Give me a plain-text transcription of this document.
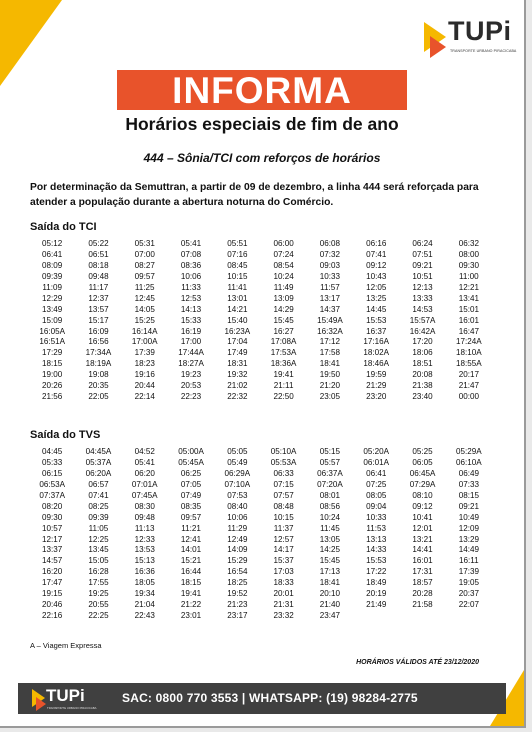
TUPi
TRANSPORTE URBANO PIRACICABA
INFORMA
Horários especiais de fim de ano
444 – Sônia/TCI com reforços de horários
Por determinação da Semuttran, a partir de 09 de dezembro, a linha 444 será reforçada para atender a população durante a abertura noturna do Comércio.
Saída do TCI
05:12	05:22	05:31	05:41	05:51	06:00	06:08	06:16	06:24	06:32
06:41	06:51	07:00	07:08	07:16	07:24	07:32	07:41	07:51	08:00
08:09	08:18	08:27	08:36	08:45	08:54	09:03	09:12	09:21	09:30
09:39	09:48	09:57	10:06	10:15	10:24	10:33	10:43	10:51	11:00
11:09	11:17	11:25	11:33	11:41	11:49	11:57	12:05	12:13	12:21
12:29	12:37	12:45	12:53	13:01	13:09	13:17	13:25	13:33	13:41
13:49	13:57	14:05	14:13	14:21	14:29	14:37	14:45	14:53	15:01
15:09	15:17	15:25	15:33	15:40	15:45	15:49A	15:53	15:57A	16:01
16:05A	16:09	16:14A	16:19	16:23A	16:27	16:32A	16:37	16:42A	16:47
16:51A	16:56	17:00A	17:00	17:04	17:08A	17:12	17:16A	17:20	17:24A
17:29	17:34A	17:39	17:44A	17:49	17:53A	17:58	18:02A	18:06	18:10A
18:15	18:19A	18:23	18:27A	18:31	18:36A	18:41	18:46A	18:51	18:55A
19:00	19:08	19:16	19:23	19:32	19:41	19:50	19:59	20:08	20:17
20:26	20:35	20:44	20:53	21:02	21:11	21:20	21:29	21:38	21:47
21:56	22:05	22:14	22:23	22:32	22:50	23:05	23:20	23:40	00:00
Saída do TVS
04:45	04:45A	04:52	05:00A	05:05	05:10A	05:15	05:20A	05:25	05:29A
05:33	05:37A	05:41	05:45A	05:49	05:53A	05:57	06:01A	06:05	06:10A
06:15	06:20A	06:20	06:25	06:29A	06:33	06:37A	06:41	06:45A	06:49
06:53A	06:57	07:01A	07:05	07:10A	07:15	07:20A	07:25	07:29A	07:33
07:37A	07:41	07:45A	07:49	07:53	07:57	08:01	08:05	08:10	08:15
08:20	08:25	08:30	08:35	08:40	08:48	08:56	09:04	09:12	09:21
09:30	09:39	09:48	09:57	10:06	10:15	10:24	10:33	10:41	10:49
10:57	11:05	11:13	11:21	11:29	11:37	11:45	11:53	12:01	12:09
12:17	12:25	12:33	12:41	12:49	12:57	13:05	13:13	13:21	13:29
13:37	13:45	13:53	14:01	14:09	14:17	14:25	14:33	14:41	14:49
14:57	15:05	15:13	15:21	15:29	15:37	15:45	15:53	16:01	16:11
16:20	16:28	16:36	16:44	16:54	17:03	17:13	17:22	17:31	17:39
17:47	17:55	18:05	18:15	18:25	18:33	18:41	18:49	18:57	19:05
19:15	19:25	19:34	19:41	19:52	20:01	20:10	20:19	20:28	20:37
20:46	20:55	21:04	21:22	21:23	21:31	21:40	21:49	21:58	22:07
22:16	22:25	22:43	23:01	23:17	23:32	23:47
A – Viagem Expressa
HORÁRIOS VÁLIDOS ATÉ 23/12/2020
TUPi
TRANSPORTE URBANO PIRACICABA
SAC: 0800 770 3553 | WHATSAPP: (19) 98284-2775
